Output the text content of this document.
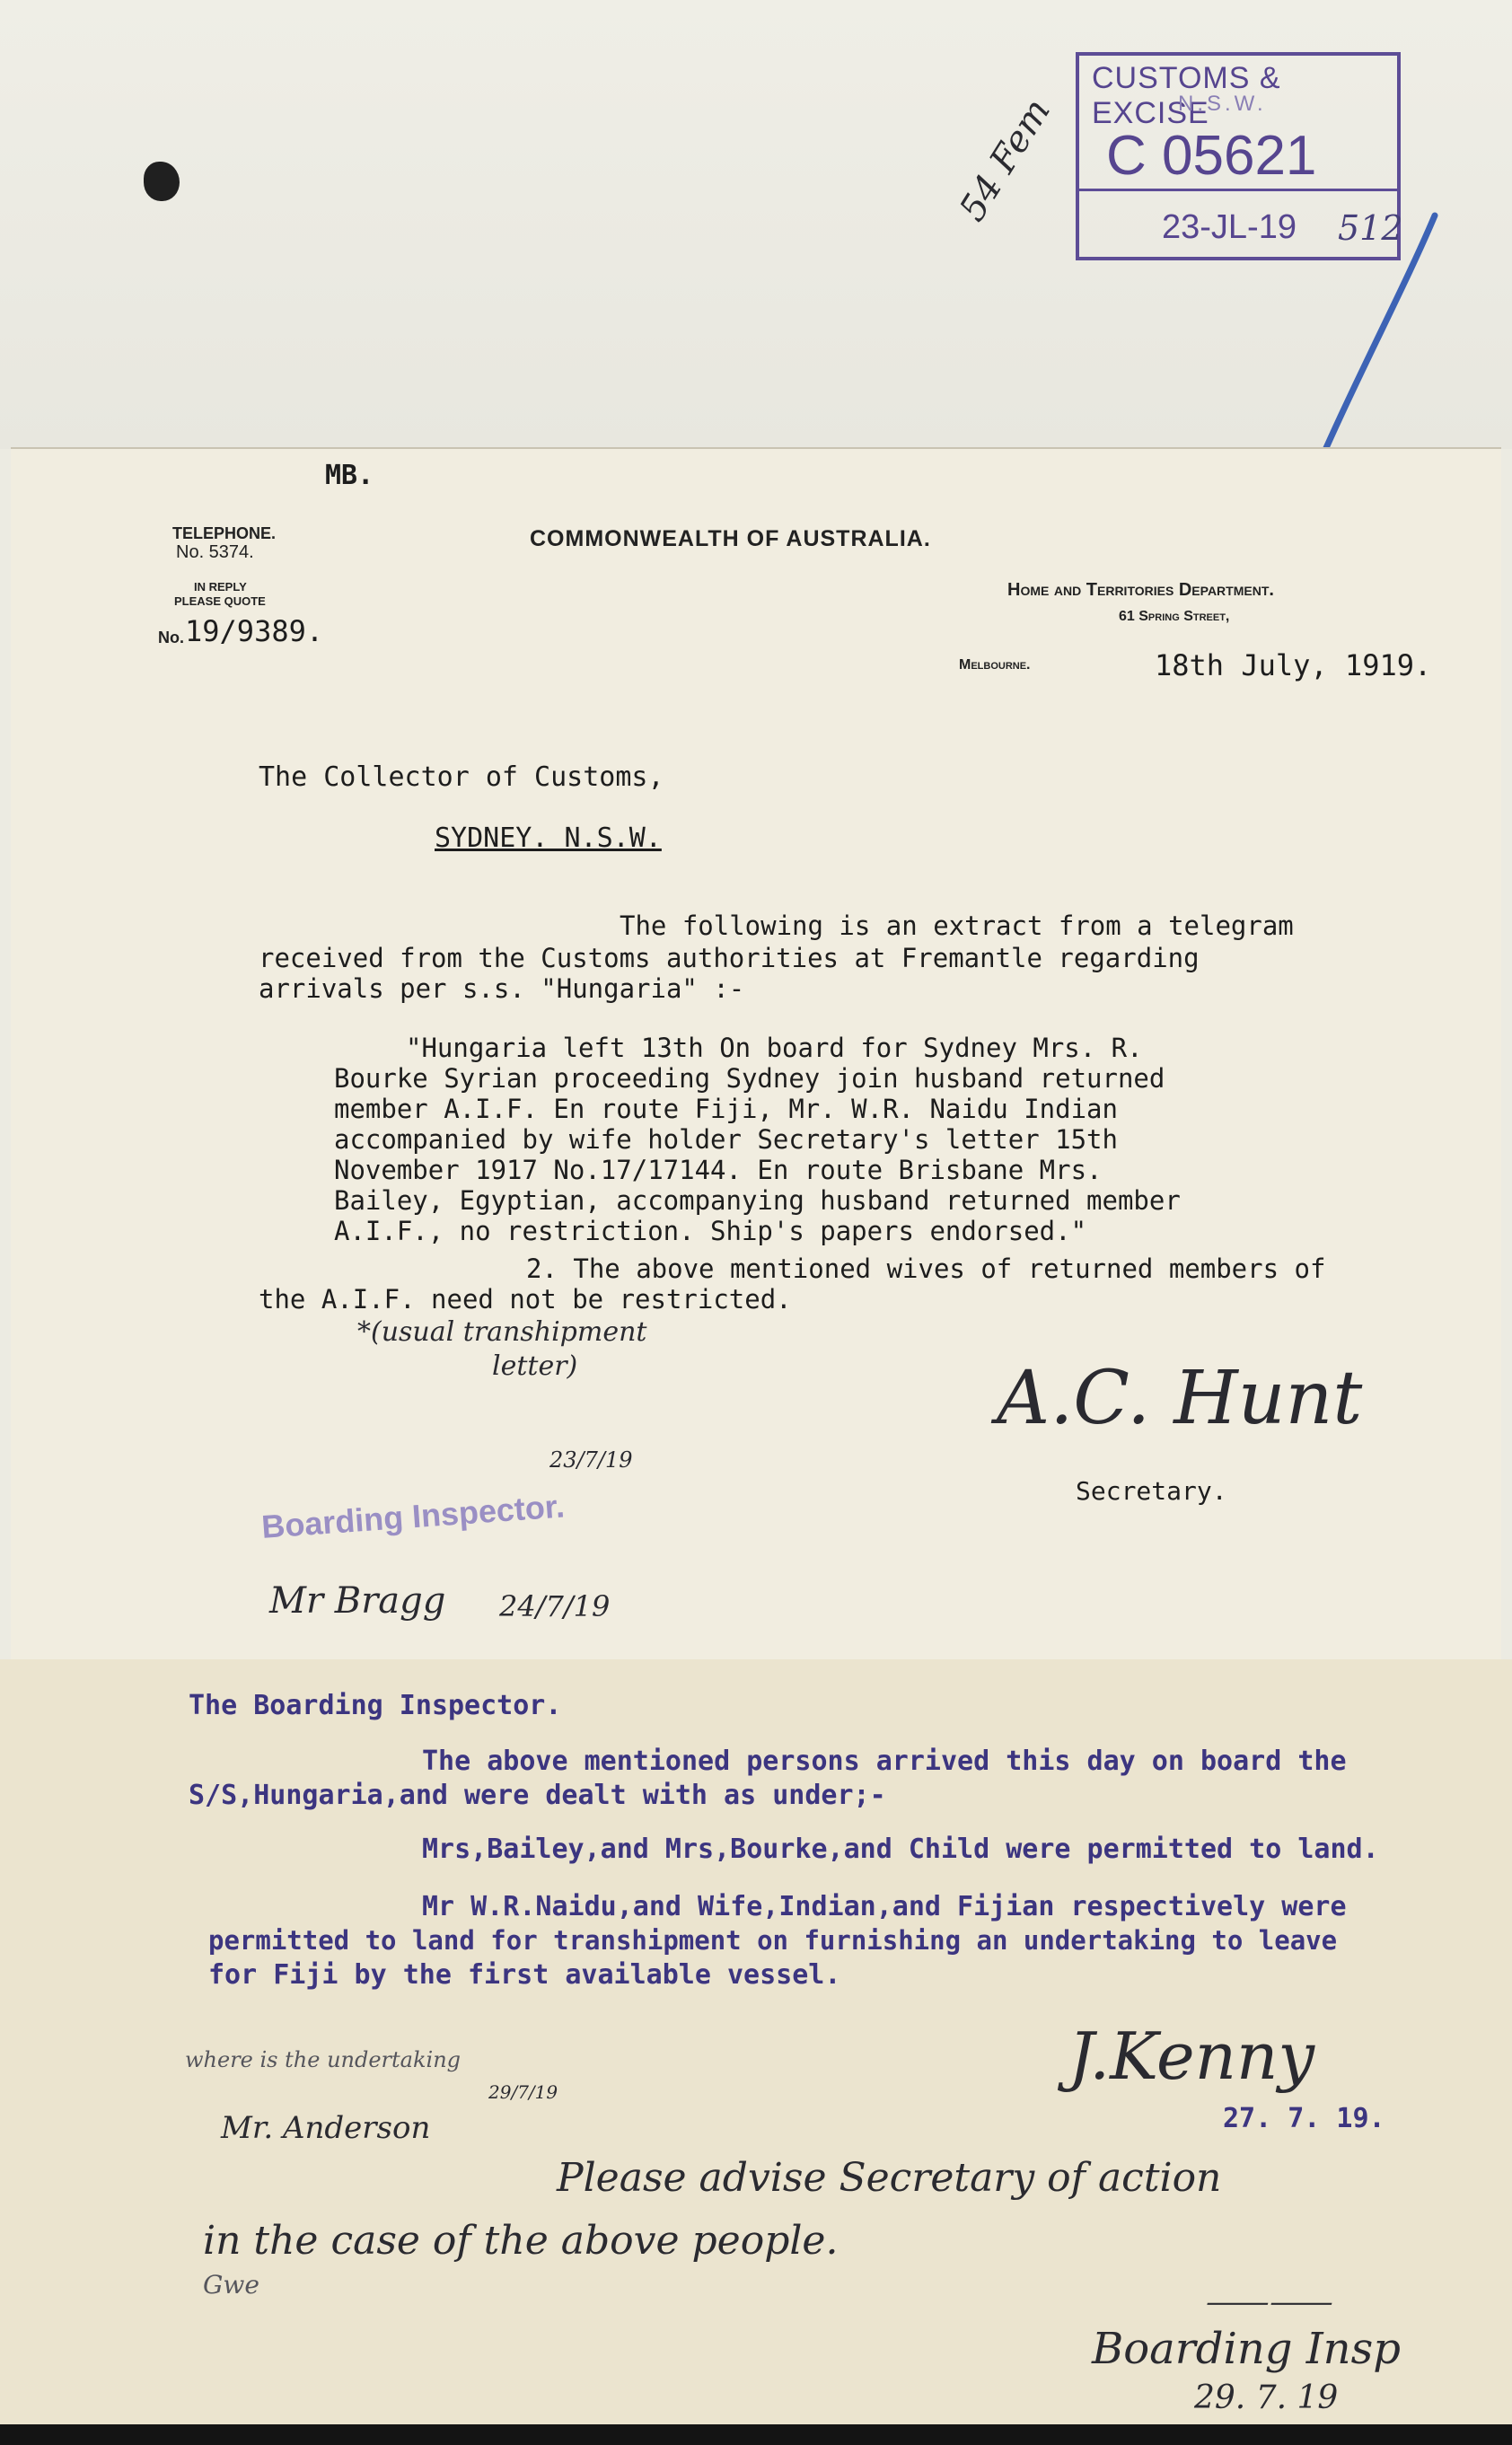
CUSTOMS & EXCISE
N.S.W.
C 05621
23-JL-19 512
54 Fem
MB.
TELEPHONE.
No. 5374.
IN REPLY
PLEASE QUOTE
No. 19/9389.
COMMONWEALTH OF AUSTRALIA.
Home and Territories Department.
61 Spring Street,
Melbourne.	18th July, 1919.
The Collector of Customs,
SYDNEY. N.S.W.
The following is an extract from a telegram
received from the Customs authorities at Fremantle regarding
arrivals per s.s. "Hungaria" :-
"Hungaria left 13th On board for Sydney Mrs. R.
Bourke Syrian proceeding Sydney join husband returned
member A.I.F. En route Fiji, Mr. W.R. Naidu Indian
accompanied by wife holder Secretary's letter 15th
November 1917 No.17/17144. En route Brisbane Mrs.
Bailey, Egyptian, accompanying husband returned member
A.I.F., no restriction. Ship's papers endorsed."
2. The above mentioned wives of returned members of
the A.I.F. need not be restricted.
*(usual transhipment
letter)	A.C. Hunt
Secretary.
Boarding Inspector.
23/7/19
Mr Bragg 24/7/19
The Boarding Inspector.
The above mentioned persons arrived this day on board the
S/S,Hungaria,and were dealt with as under;-
Mrs,Bailey,and Mrs,Bourke,and Child were permitted to land.
Mr W.R.Naidu,and Wife,Indian,and Fijian respectively were
permitted to land for transhipment on furnishing an undertaking to leave
for Fiji by the first available vessel.
J.Kenny
27. 7. 19.
where is the undertaking
Mr. Anderson
29/7/19
Please advise Secretary of action
in the case of the above people.
Gwe	⸺⸺
Boarding Insp
29. 7. 19
